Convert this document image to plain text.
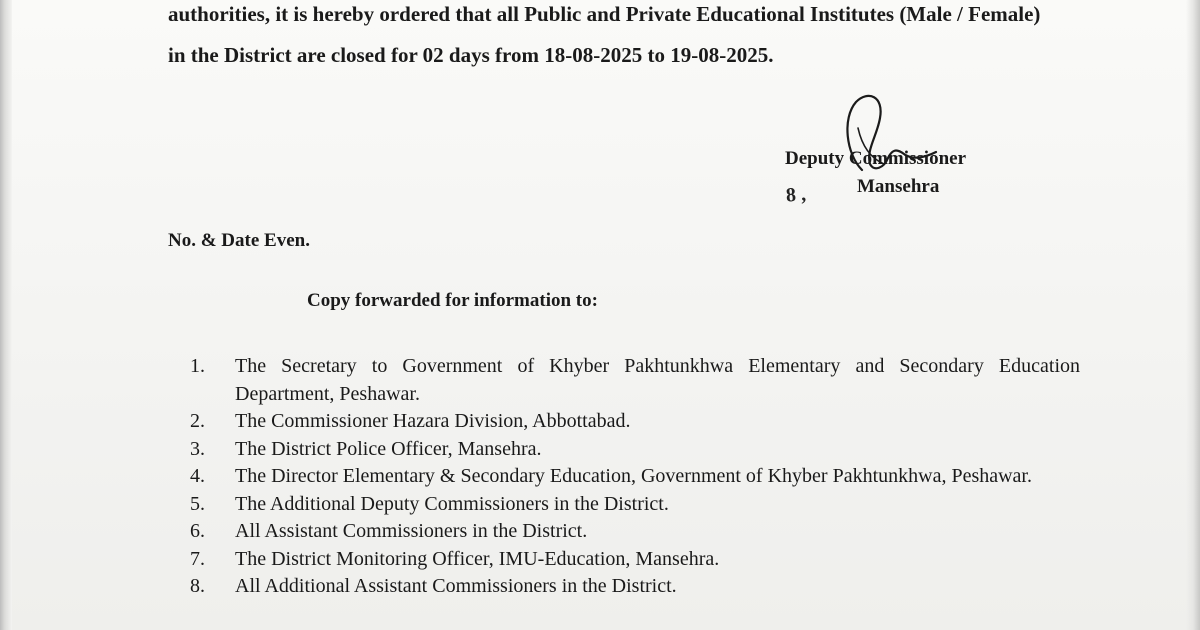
authorities, it is hereby ordered that all Public and Private Educational Institutes (Male / Female)

in the District are closed for 02 days from 18-08-2025 to 19-08-2025.

Deputy Commissioner
Mansehra
8 ,
No. & Date Even.
Copy forwarded for information to:
1.	The Secretary to Government of Khyber Pakhtunkhwa Elementary and Secondary Education Department, Peshawar.
2.	The Commissioner Hazara Division, Abbottabad.
3.	The District Police Officer, Mansehra.
4.	The Director Elementary & Secondary Education, Government of Khyber Pakhtunkhwa, Peshawar.
5.	The Additional Deputy Commissioners in the District.
6.	All Assistant Commissioners in the District.
7.	The District Monitoring Officer, IMU-Education, Mansehra.
8.	All Additional Assistant Commissioners in the District.
